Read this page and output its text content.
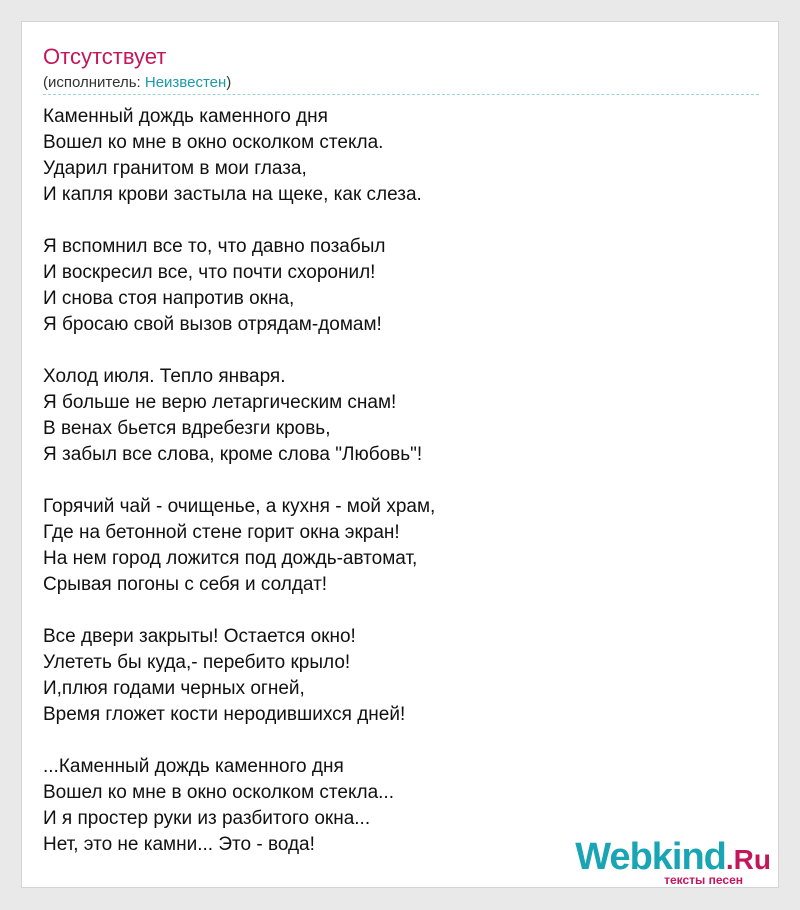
Отсутствует
(исполнитель: Неизвестен)
Каменный дождь каменного дня
Вошел ко мне в окно осколком стекла.
Ударил гранитом в мои глаза,
И капля крови застыла на щеке, как слеза.
Я вспомнил все то, что давно позабыл
И воскресил все, что почти схоронил!
И снова стоя напротив окна,
Я бросаю свой вызов отрядам-домам!
Холод июля. Тепло января.
Я больше не верю летаргическим снам!
В венах бьется вдребезги кровь,
Я забыл все слова, кроме слова "Любовь"!
Горячий чай - очищенье, а кухня - мой храм,
Где на бетонной стене горит окна экран!
На нем город ложится под дождь-автомат,
Срывая погоны с себя и солдат!
Все двери закрыты! Остается окно!
Улететь бы куда,- перебито крыло!
И,плюя годами черных огней,
Время гложет кости неродившихся дней!
...Каменный дождь каменного дня
Вошел ко мне в окно осколком стекла...
И я простер руки из разбитого окна...
Нет, это не камни... Это - вода!	Webkind.Ru
тексты песен
